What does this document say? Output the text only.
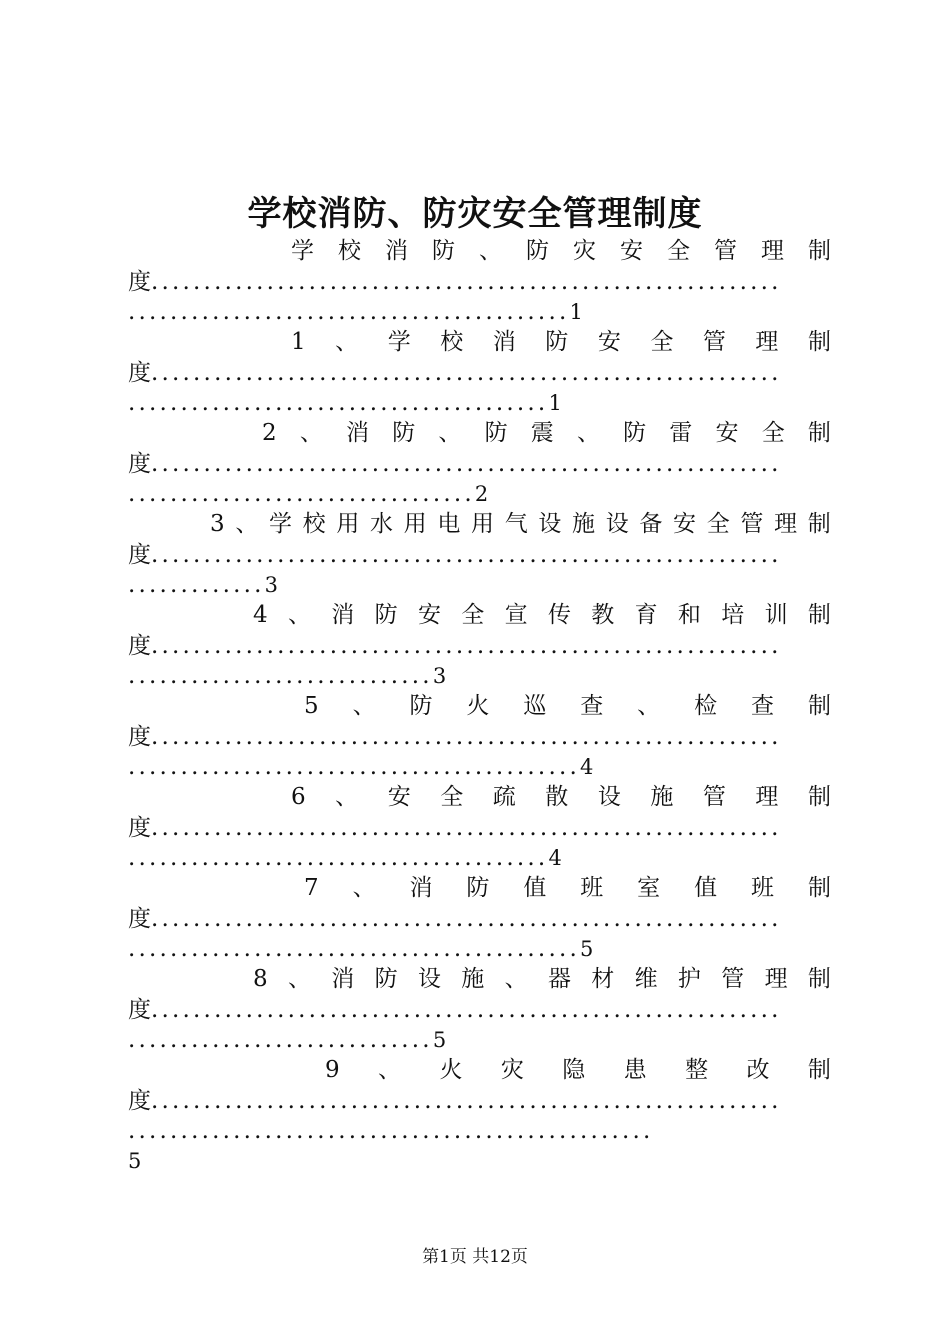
学校消防、防灾安全管理制度
学 校 消 防 、 防 灾 安 全 管 理 制
度............................................................
.......................................... 1
1 、 学 校 消 防 安 全 管 理 制
度............................................................
........................................ 1
2 、 消 防 、 防 震 、 防 雷 安 全 制
度............................................................
................................. 2
3 、 学 校 用 水 用 电 用 气 设 施 设 备 安 全 管 理 制
度............................................................
............. 3
4 、 消 防 安 全 宣 传 教 育 和 培 训 制
度............................................................
............................. 3
5 、 防 火 巡 查 、 检 查 制
度............................................................
........................................... 4
6 、 安 全 疏 散 设 施 管 理 制
度............................................................
........................................ 4
7 、 消 防 值 班 室 值 班 制
度............................................................
........................................... 5
8 、 消 防 设 施 、 器 材 维 护 管 理 制
度............................................................
............................. 5
9 、 火 灾 隐 患 整 改 制
度............................................................
..................................................
5
第1页 共12页
